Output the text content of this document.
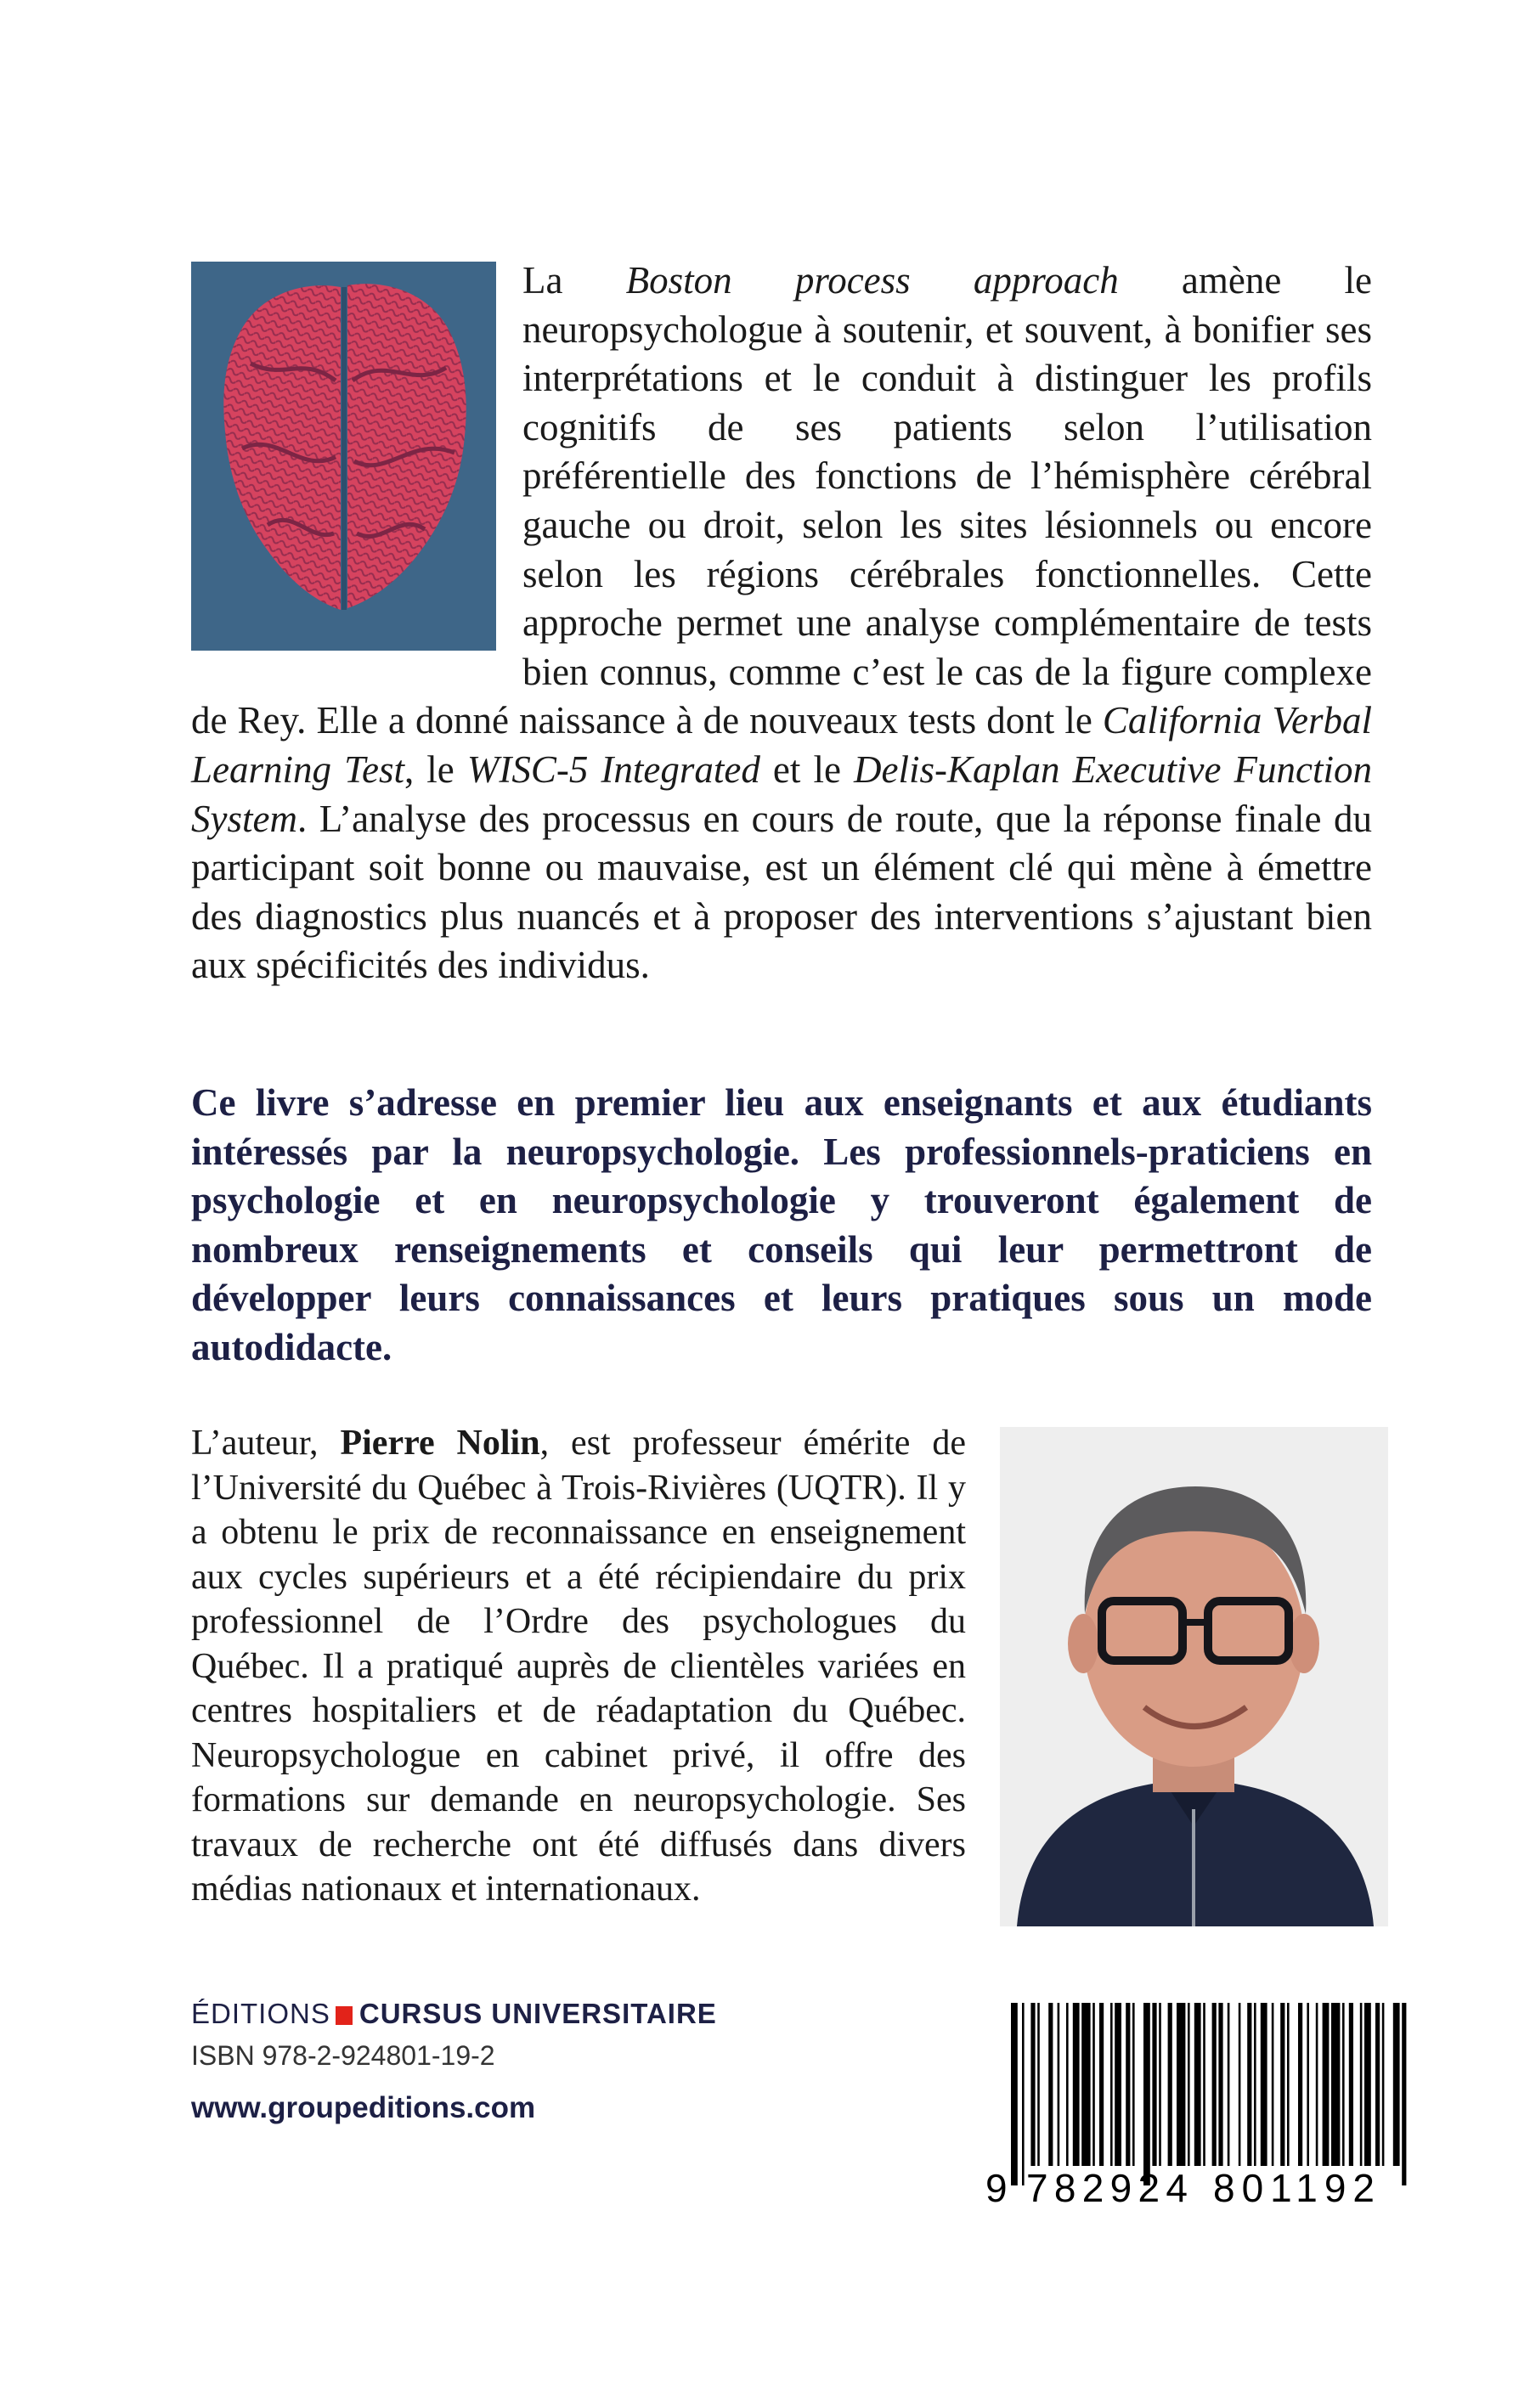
La Boston process approach amène le neuropsychologue à soutenir, et souvent, à bonifier ses interprétations et le conduit à distinguer les profils cognitifs de ses patients selon l’utilisation préférentielle des fonctions de l’hémisphère cérébral gauche ou droit, selon les sites lésionnels ou encore selon les régions cérébrales fonctionnelles. Cette approche permet une analyse complémentaire de tests bien connus, comme c’est le cas de la figure complexe de Rey. Elle a donné naissance à de nouveaux tests dont le California Verbal Learning Test, le WISC-5 Integrated et le Delis-Kaplan Executive Function System. L’analyse des processus en cours de route, que la réponse finale du participant soit bonne ou mauvaise, est un élément clé qui mène à émettre des diagnostics plus nuancés et à proposer des interventions s’ajustant bien aux spécificités des individus.

Ce livre s’adresse en premier lieu aux enseignants et aux étudiants intéressés par la neuropsychologie. Les professionnels-praticiens en psychologie et en neuropsychologie y trouveront également de nombreux renseignements et conseils qui leur permettront de développer leurs connaissances et leurs pratiques sous un mode autodidacte.

L’auteur, Pierre Nolin, est professeur émérite de l’Université du Québec à Trois-Rivières (UQTR). Il y a obtenu le prix de reconnaissance en enseignement aux cycles supérieurs et a été récipiendaire du prix professionnel de l’Ordre des psychologues du Québec. Il a pratiqué auprès de clientèles variées en centres hospitaliers et de réadaptation du Québec. Neuropsychologue en cabinet privé, il offre des formations sur demande en neuropsychologie. Ses travaux de recherche ont été diffusés dans divers médias nationaux et internationaux.

ÉDITIONS CURSUS UNIVERSITAIRE
ISBN 978-2-924801-19-2
www.groupeditions.com
9 782924 801192
